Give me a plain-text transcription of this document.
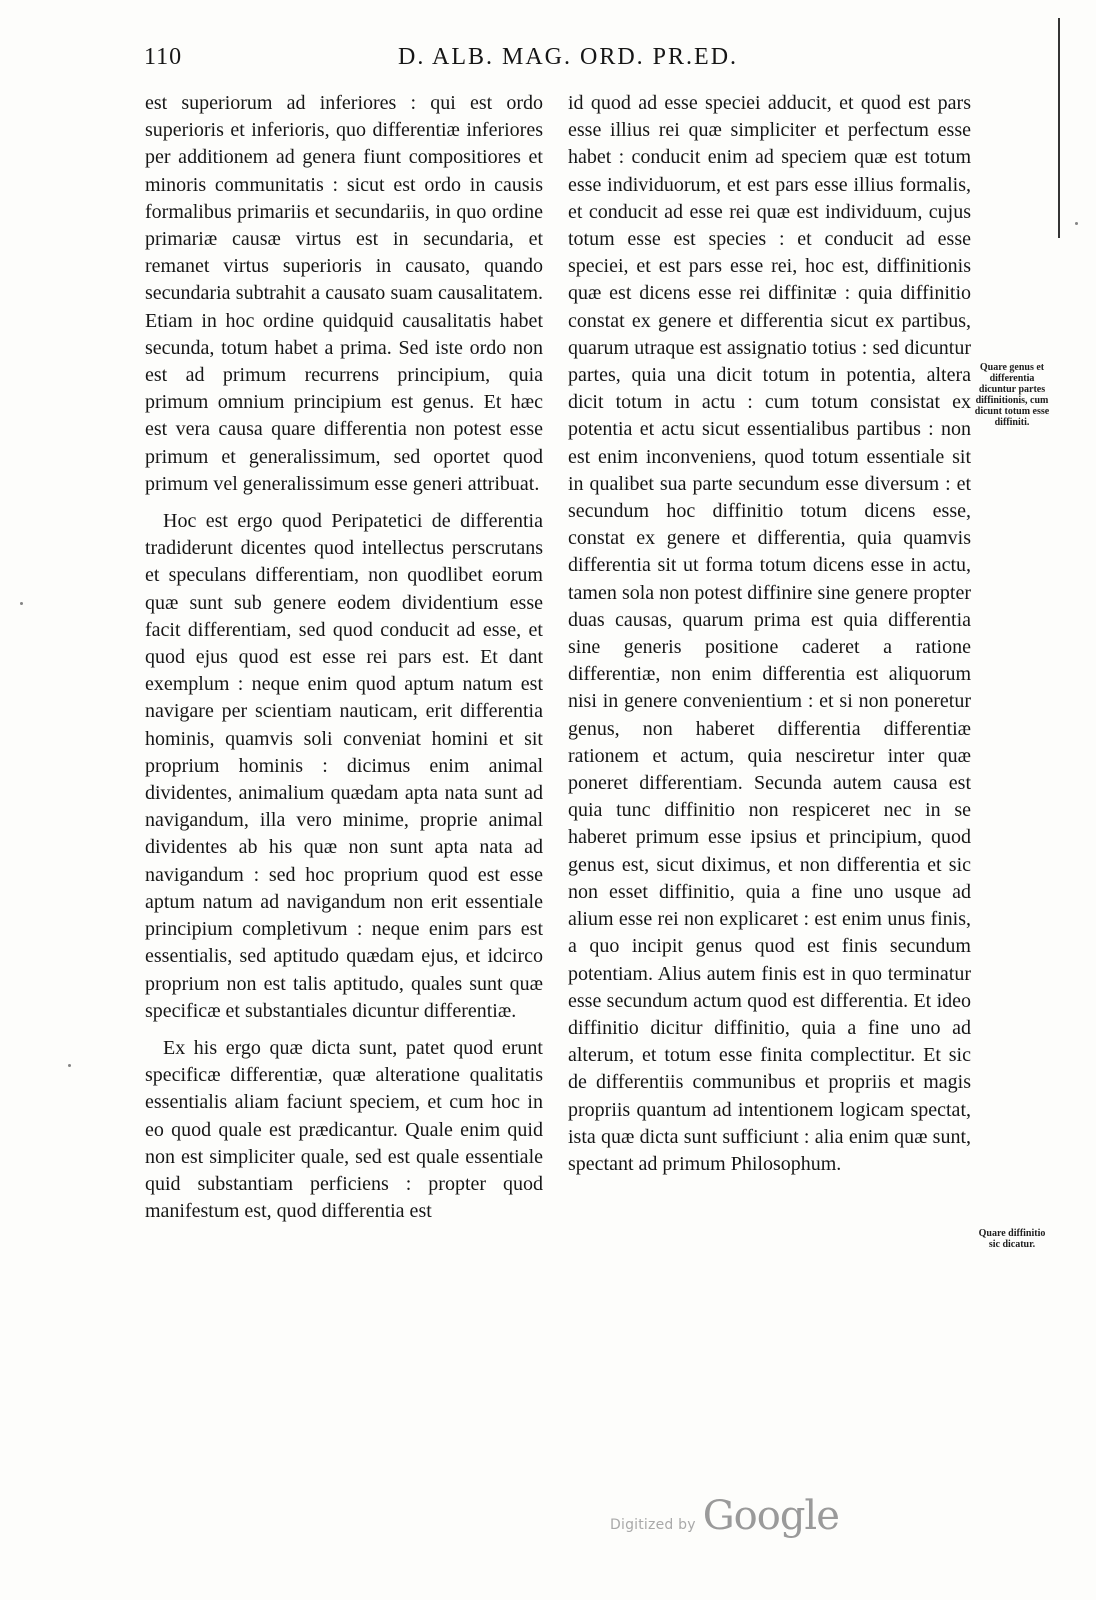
110	D. ALB. MAG. ORD. PR.ED.

est superiorum ad inferiores : qui est ordo superioris et inferioris, quo differentiæ inferiores per additionem ad genera fiunt compositiores et minoris communitatis : sicut est ordo in causis formalibus primariis et secundariis, in quo ordine primariæ causæ virtus est in secundaria, et remanet virtus superioris in causato, quando secundaria subtrahit a causato suam causalitatem. Etiam in hoc ordine quidquid causalitatis habet secunda, totum habet a prima. Sed iste ordo non est ad primum recurrens principium, quia primum omnium principium est genus. Et hæc est vera causa quare differentia non potest esse primum et generalissimum, sed oportet quod primum vel generalissimum esse generi attribuat.

Hoc est ergo quod Peripatetici de differentia tradiderunt dicentes quod intellectus perscrutans et speculans differentiam, non quodlibet eorum quæ sunt sub genere eodem dividentium esse facit differentiam, sed quod conducit ad esse, et quod ejus quod est esse rei pars est. Et dant exemplum : neque enim quod aptum natum est navigare per scientiam nauticam, erit differentia hominis, quamvis soli conveniat homini et sit proprium hominis : dicimus enim animal dividentes, animalium quædam apta nata sunt ad navigandum, illa vero minime, proprie animal dividentes ab his quæ non sunt apta nata ad navigandum : sed hoc proprium quod est esse aptum natum ad navigandum non erit essentiale principium completivum : neque enim pars est essentialis, sed aptitudo quædam ejus, et idcirco proprium non est talis aptitudo, quales sunt quæ specificæ et substantiales dicuntur differentiæ.

Ex his ergo quæ dicta sunt, patet quod erunt specificæ differentiæ, quæ alteratione qualitatis essentialis aliam faciunt speciem, et cum hoc in eo quod quale est prædicantur. Quale enim quid non est simpliciter quale, sed est quale essentiale quid substantiam perficiens : propter quod manifestum est, quod differentia est

id quod ad esse speciei adducit, et quod est pars esse illius rei quæ simpliciter et perfectum esse habet : conducit enim ad speciem quæ est totum esse individuorum, et est pars esse illius formalis, et conducit ad esse rei quæ est individuum, cujus totum esse est species : et conducit ad esse speciei, et est pars esse rei, hoc est, diffinitionis quæ est dicens esse rei diffinitæ : quia diffinitio constat ex genere et differentia sicut ex partibus, quarum utraque est assignatio totius : sed dicuntur partes, quia una dicit totum in potentia, altera dicit totum in actu : cum totum consistat ex potentia et actu sicut essentialibus partibus : non est enim inconveniens, quod totum essentiale sit in qualibet sua parte secundum esse diversum : et secundum hoc diffinitio totum dicens esse, constat ex genere et differentia, quia quamvis differentia sit ut forma totum dicens esse in actu, tamen sola non potest diffinire sine genere propter duas causas, quarum prima est quia differentia sine generis positione caderet a ratione differentiæ, non enim differentia est aliquorum nisi in genere convenientium : et si non poneretur genus, non haberet differentia differentiæ rationem et actum, quia nesciretur inter quæ poneret differentiam. Secunda autem causa est quia tunc diffinitio non respiceret nec in se haberet primum esse ipsius et principium, quod genus est, sicut diximus, et non differentia et sic non esset diffinitio, quia a fine uno usque ad alium esse rei non explicaret : est enim unus finis, a quo incipit genus quod est finis secundum potentiam. Alius autem finis est in quo terminatur esse secundum actum quod est differentia. Et ideo diffinitio dicitur diffinitio, quia a fine uno ad alterum, et totum esse finita complectitur. Et sic de differentiis communibus et propriis et magis propriis quantum ad intentionem logicam spectat, ista quæ dicta sunt sufficiunt : alia enim quæ sunt, spectant ad primum Philosophum.

Quare genus et differentia dicuntur partes diffinitionis, cum dicunt totum esse diffiniti.
Quare diffinitio sic dicatur.
Digitized by Google
